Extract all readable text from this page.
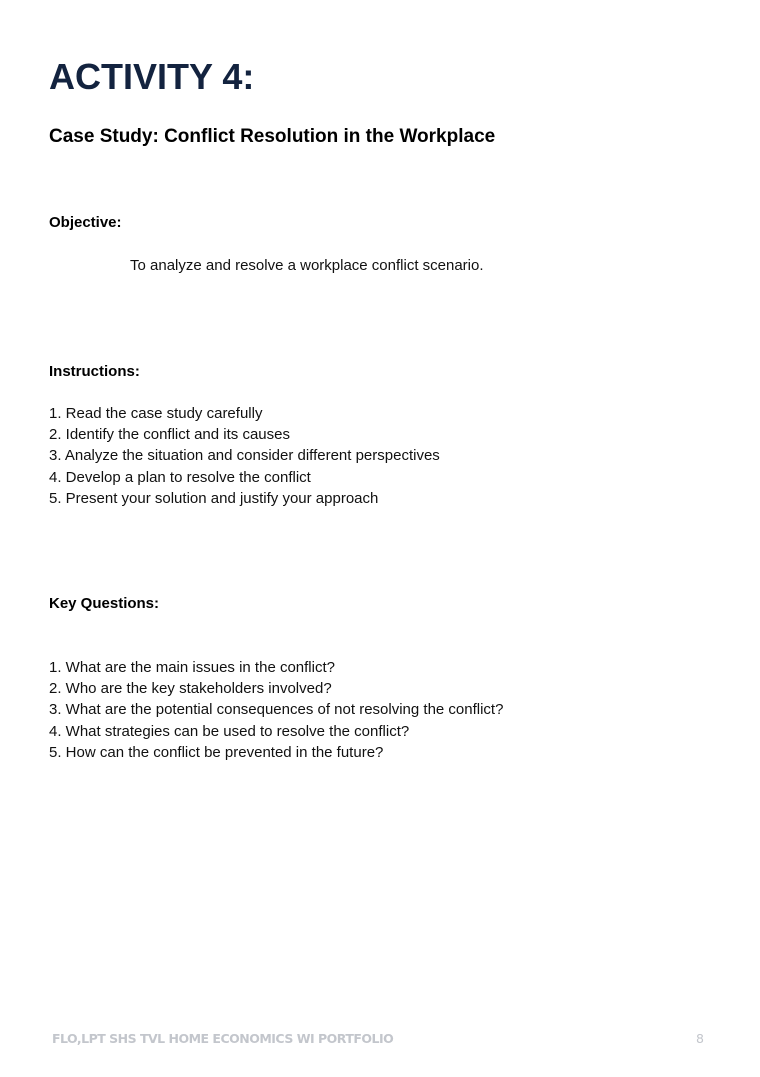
ACTIVITY 4:
Case Study: Conflict Resolution in the Workplace
Objective:

To analyze and resolve a workplace conflict scenario.

Instructions:
1. Read the case study carefully
2. Identify the conflict and its causes
3. Analyze the situation and consider different perspectives
4. Develop a plan to resolve the conflict
5. Present your solution and justify your approach
Key Questions:
1. What are the main issues in the conflict?
2. Who are the key stakeholders involved?
3. What are the potential consequences of not resolving the conflict?
4. What strategies can be used to resolve the conflict?
5. How can the conflict be prevented in the future?
FLO,LPT SHS TVL HOME ECONOMICS WI PORTFOLIO	8
